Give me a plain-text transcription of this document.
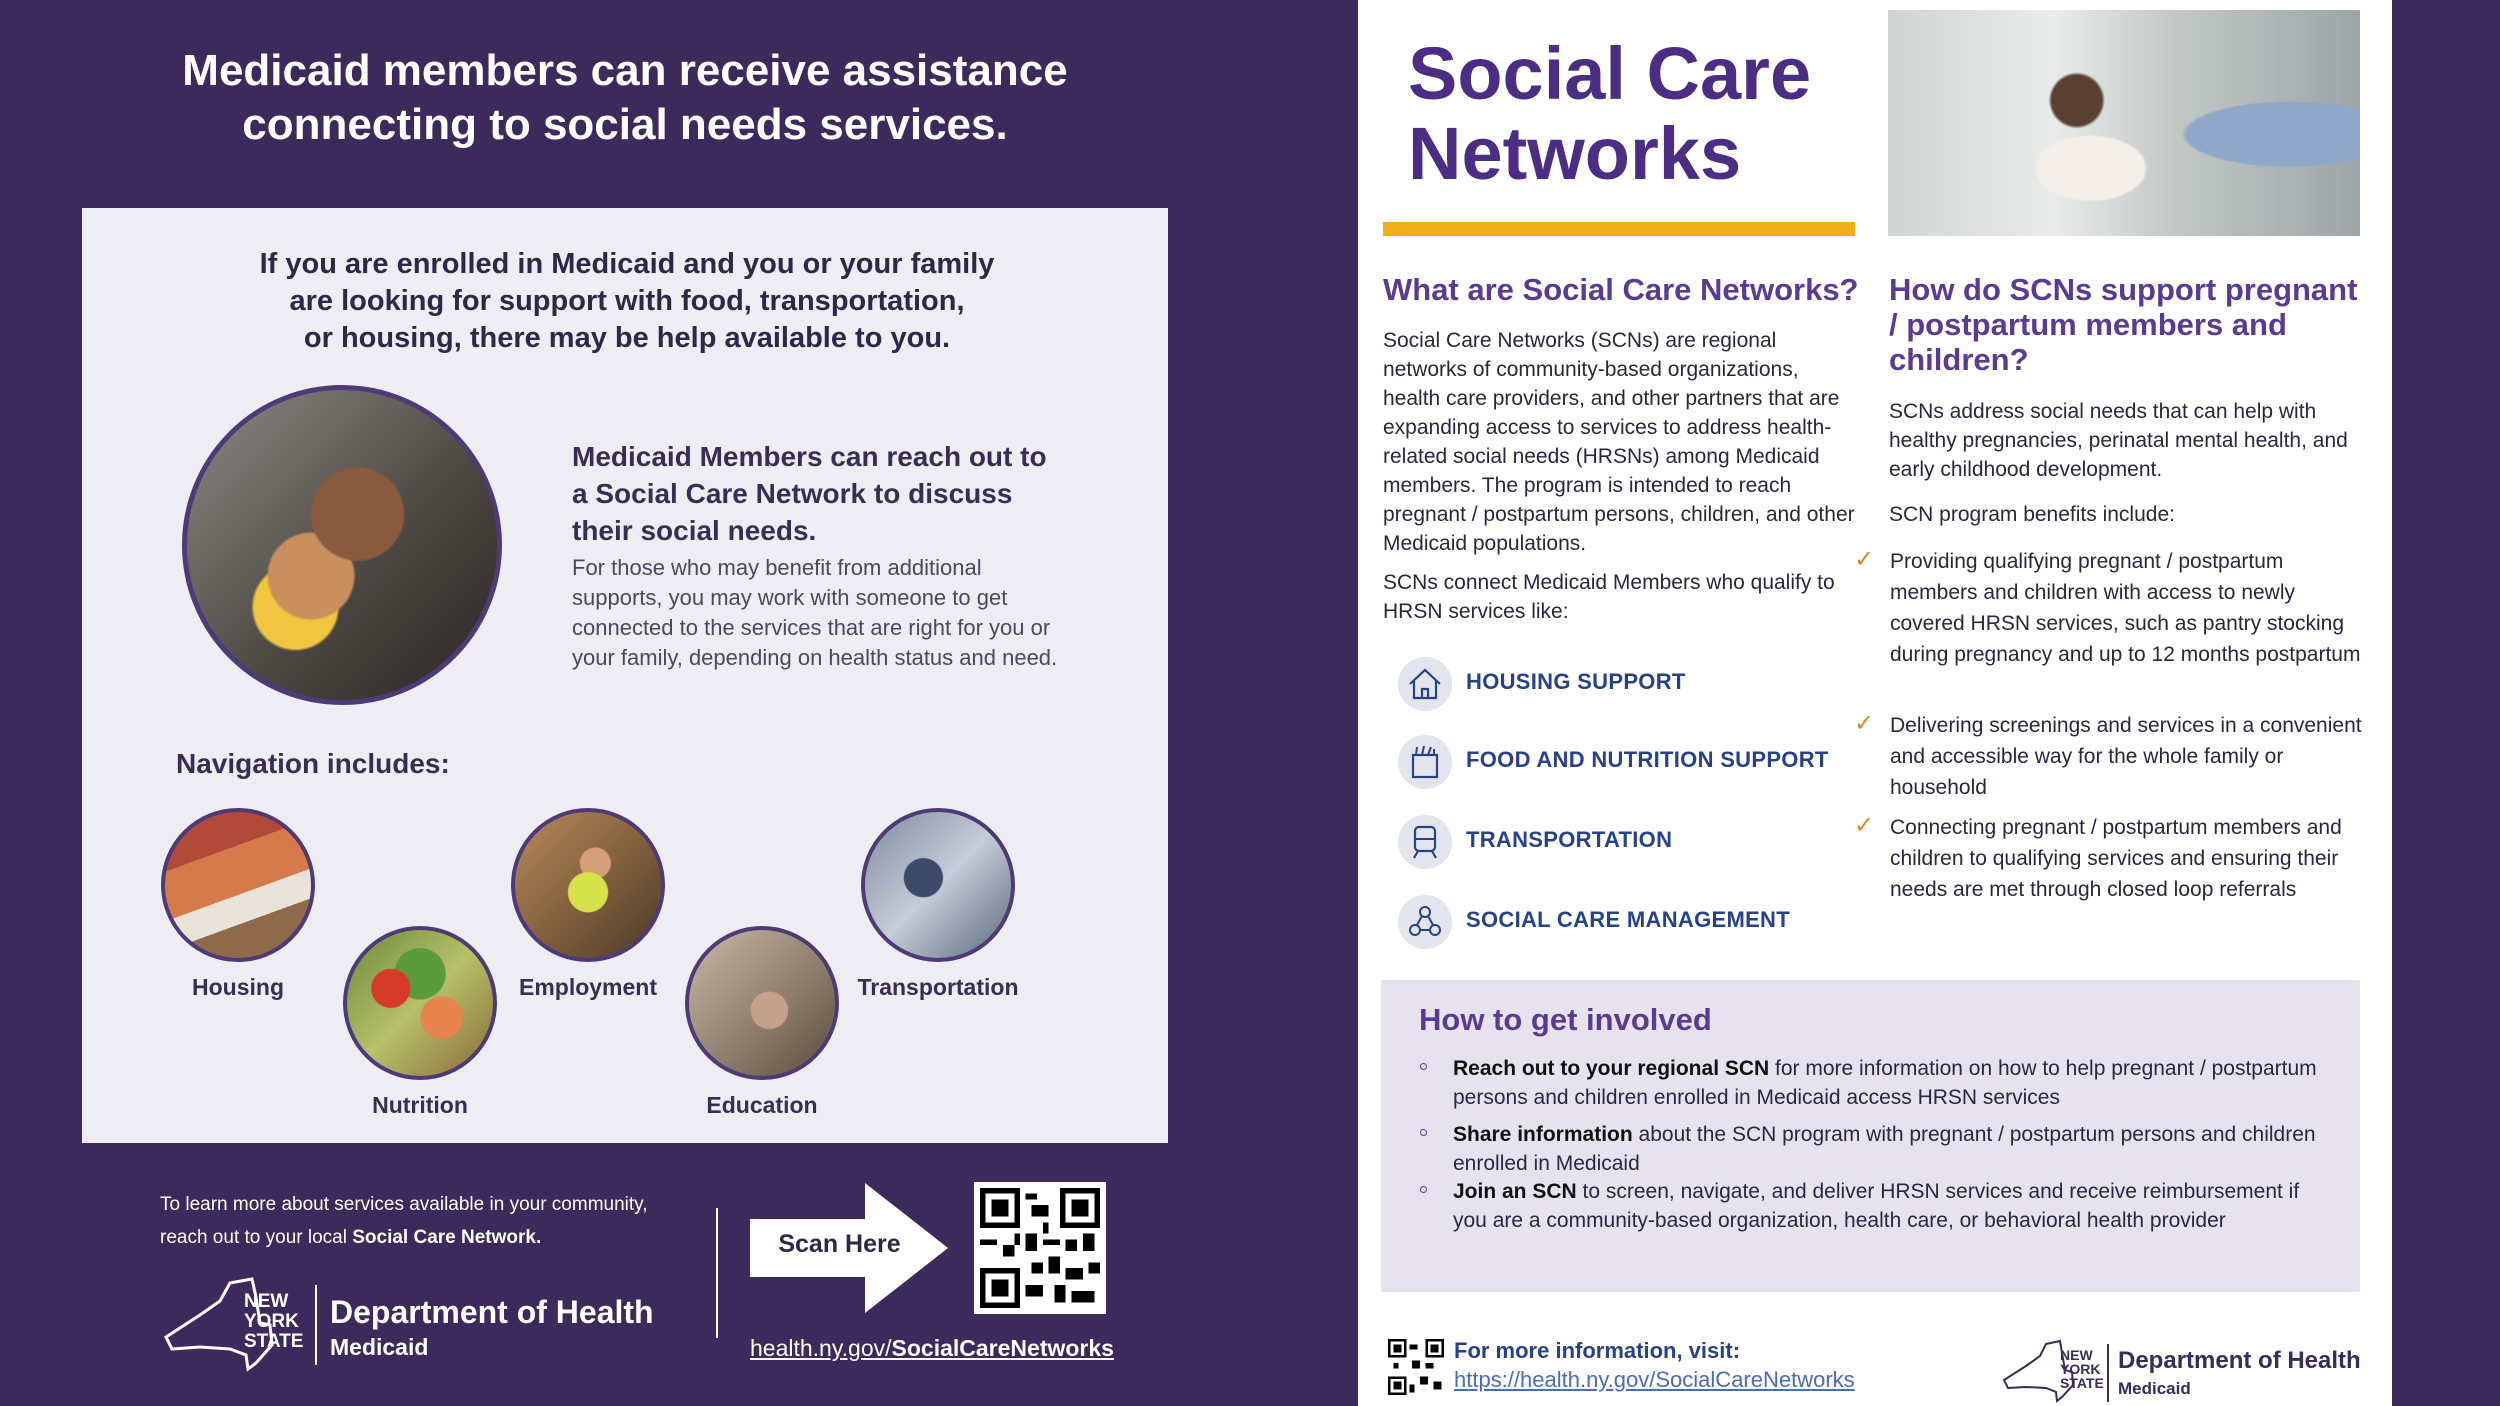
Medicaid members can receive assistance
connecting to social needs services.
If you are enrolled in Medicaid and you or your family
are looking for support with food, transportation,
or housing, there may be help available to you.
Medicaid Members can reach out to a Social Care Network to discuss their social needs.
For those who may benefit from additional supports, you may work with someone to get connected to the services that are right for you or your family, depending on health status and need.
Navigation includes:
Housing
Nutrition
Employment
Education
Transportation
To learn more about services available in your community,
reach out to your local Social Care Network.
NEW
YORK
STATE
Department of Health
Medicaid
Scan Here
health.ny.gov/SocialCareNetworks
Social Care
Networks
What are Social Care Networks?
Social Care Networks (SCNs) are regional networks of community-based organizations, health care providers, and other partners that are expanding access to services to address health-related social needs (HRSNs) among Medicaid members. The program is intended to reach pregnant / postpartum persons, children, and other Medicaid populations.
SCNs connect Medicaid Members who qualify to HRSN services like:
HOUSING SUPPORT
FOOD AND NUTRITION SUPPORT
TRANSPORTATION
SOCIAL CARE MANAGEMENT
How do SCNs support pregnant / postpartum members and children?
SCNs address social needs that can help with healthy pregnancies, perinatal mental health, and early childhood development.
SCN program benefits include:
✓ Providing qualifying pregnant / postpartum members and children with access to newly covered HRSN services, such as pantry stocking during pregnancy and up to 12 months postpartum
✓ Delivering screenings and services in a convenient and accessible way for the whole family or household
✓ Connecting pregnant / postpartum members and children to qualifying services and ensuring their needs are met through closed loop referrals
How to get involved
Reach out to your regional SCN for more information on how to help pregnant / postpartum persons and children enrolled in Medicaid access HRSN services
Share information about the SCN program with pregnant / postpartum persons and children enrolled in Medicaid
Join an SCN to screen, navigate, and deliver HRSN services and receive reimbursement if you are a community-based organization, health care, or behavioral health provider
For more information, visit:
https://health.ny.gov/SocialCareNetworks
NEW
YORK
STATE
Department of Health
Medicaid
